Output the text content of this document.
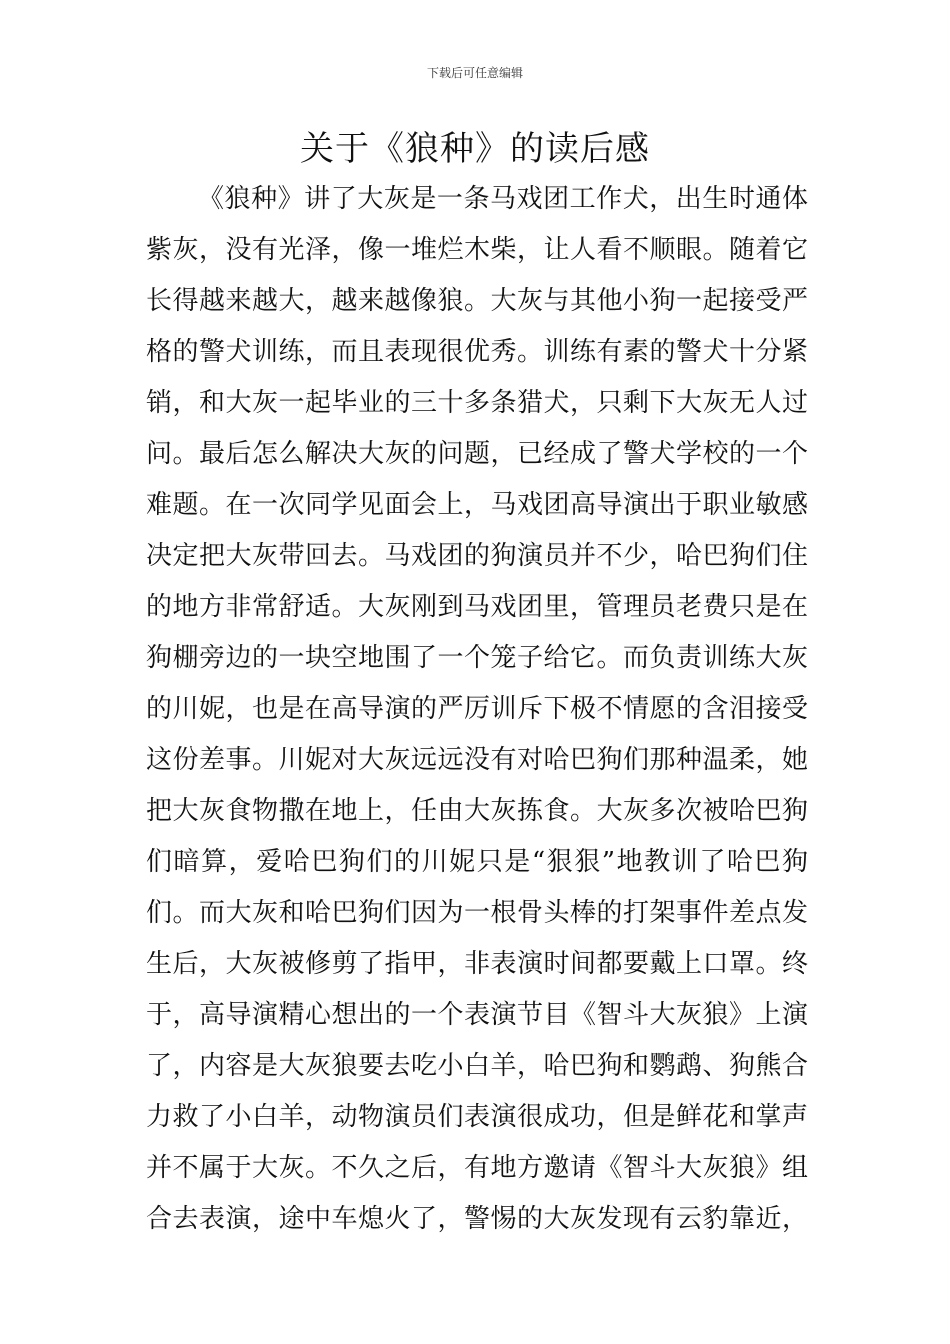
下载后可任意编辑
关于《狼种》的读后感
《狼种》讲了大灰是一条马戏团工作犬，出生时通体
紫灰，没有光泽，像一堆烂木柴，让人看不顺眼。随着它
长得越来越大，越来越像狼。大灰与其他小狗一起接受严
格的警犬训练，而且表现很优秀。训练有素的警犬十分紧
销，和大灰一起毕业的三十多条猎犬，只剩下大灰无人过
问。最后怎么解决大灰的问题，已经成了警犬学校的一个
难题。在一次同学见面会上，马戏团高导演出于职业敏感
决定把大灰带回去。马戏团的狗演员并不少，哈巴狗们住
的地方非常舒适。大灰刚到马戏团里，管理员老费只是在
狗棚旁边的一块空地围了一个笼子给它。而负责训练大灰
的川妮，也是在高导演的严厉训斥下极不情愿的含泪接受
这份差事。川妮对大灰远远没有对哈巴狗们那种温柔，她
把大灰食物撒在地上，任由大灰拣食。大灰多次被哈巴狗
们暗算，爱哈巴狗们的川妮只是“狠狠”地教训了哈巴狗
们。而大灰和哈巴狗们因为一根骨头棒的打架事件差点发
生后，大灰被修剪了指甲，非表演时间都要戴上口罩。终
于，高导演精心想出的一个表演节目《智斗大灰狼》上演
了，内容是大灰狼要去吃小白羊，哈巴狗和鹦鹉、狗熊合
力救了小白羊，动物演员们表演很成功，但是鲜花和掌声
并不属于大灰。不久之后，有地方邀请《智斗大灰狼》组
合去表演，途中车熄火了，警惕的大灰发现有云豹靠近，
